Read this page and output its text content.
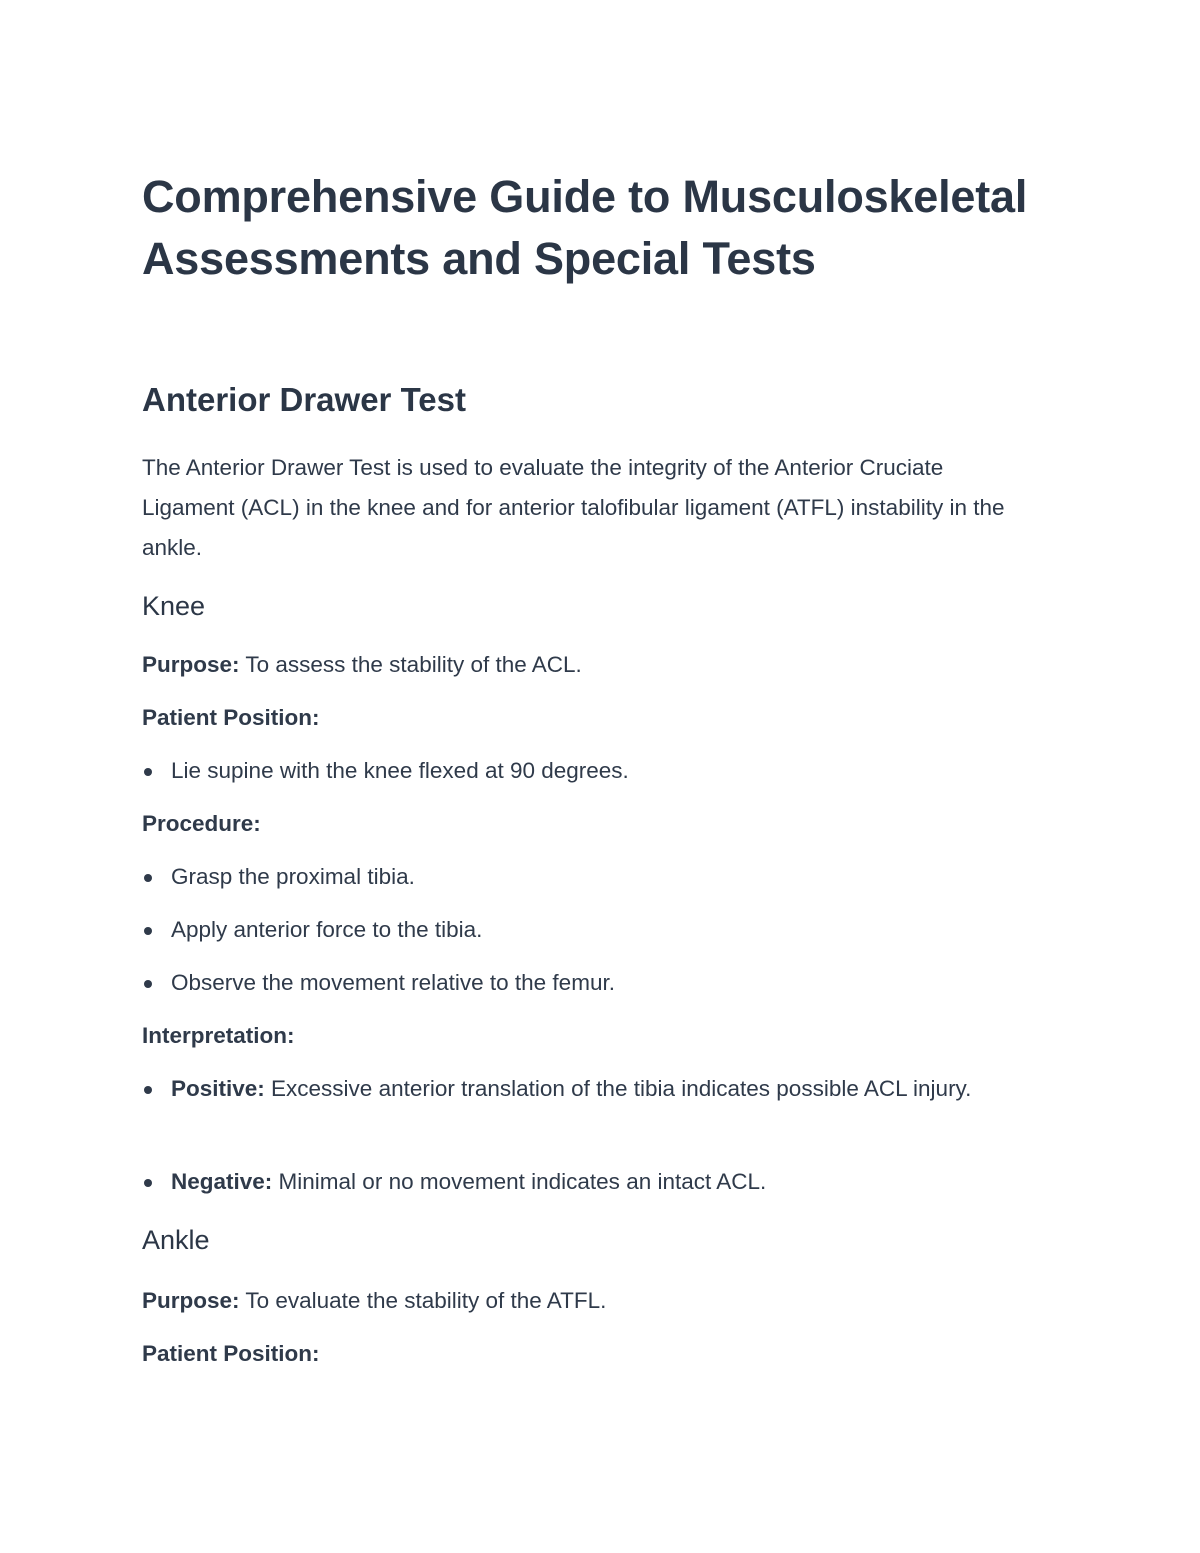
Comprehensive Guide to Musculoskeletal Assessments and Special Tests
Anterior Drawer Test

The Anterior Drawer Test is used to evaluate the integrity of the Anterior Cruciate Ligament (ACL) in the knee and for anterior talofibular ligament (ATFL) instability in the ankle.

Knee

Purpose: To assess the stability of the ACL.

Patient Position:

Lie supine with the knee flexed at 90 degrees.

Procedure:

Grasp the proximal tibia.
Apply anterior force to the tibia.
Observe the movement relative to the femur.

Interpretation:

Positive: Excessive anterior translation of the tibia indicates possible ACL injury.
Negative: Minimal or no movement indicates an intact ACL.
Ankle

Purpose: To evaluate the stability of the ATFL.

Patient Position:
